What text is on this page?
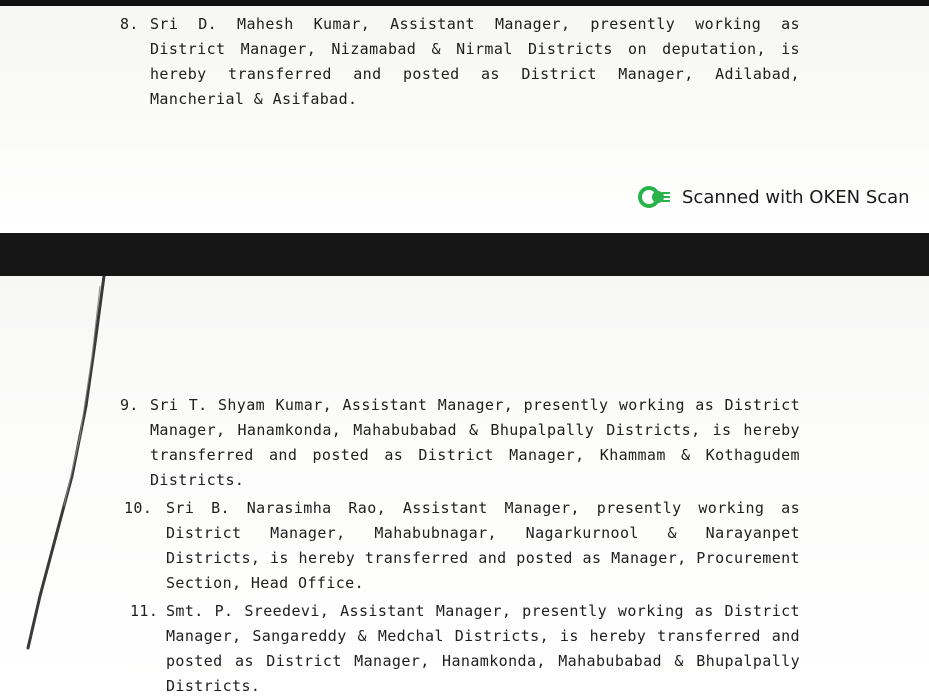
8. Sri D. Mahesh Kumar, Assistant Manager, presently working as District Manager, Nizamabad & Nirmal Districts on deputation, is hereby transferred and posted as District Manager, Adilabad, Mancherial & Asifabad.
Scanned with OKEN Scan
9. Sri T. Shyam Kumar, Assistant Manager, presently working as District Manager, Hanamkonda, Mahabubabad & Bhupalpally Districts, is hereby transferred and posted as District Manager, Khammam & Kothagudem Districts.
10. Sri B. Narasimha Rao, Assistant Manager, presently working as District Manager, Mahabubnagar, Nagarkurnool & Narayanpet Districts, is hereby transferred and posted as Manager, Procurement Section, Head Office.
11. Smt. P. Sreedevi, Assistant Manager, presently working as District Manager, Sangareddy & Medchal Districts, is hereby transferred and posted as District Manager, Hanamkonda, Mahabubabad & Bhupalpally Districts.
